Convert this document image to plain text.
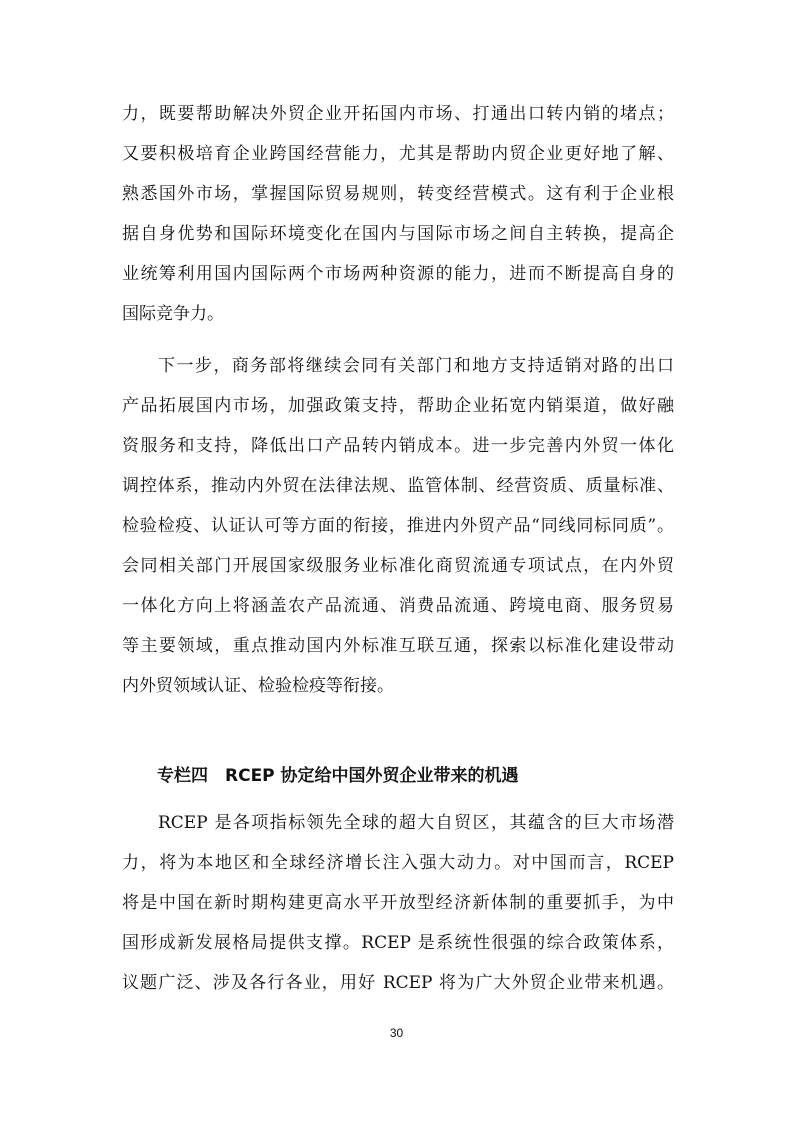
力，既要帮助解决外贸企业开拓国内市场、打通出口转内销的堵点；
又要积极培育企业跨国经营能力，尤其是帮助内贸企业更好地了解、
熟悉国外市场，掌握国际贸易规则，转变经营模式。这有利于企业根
据自身优势和国际环境变化在国内与国际市场之间自主转换，提高企
业统筹利用国内国际两个市场两种资源的能力，进而不断提高自身的
国际竞争力。
下一步，商务部将继续会同有关部门和地方支持适销对路的出口
产品拓展国内市场，加强政策支持，帮助企业拓宽内销渠道，做好融
资服务和支持，降低出口产品转内销成本。进一步完善内外贸一体化
调控体系，推动内外贸在法律法规、监管体制、经营资质、质量标准、
检验检疫、认证认可等方面的衔接，推进内外贸产品“同线同标同质”。
会同相关部门开展国家级服务业标准化商贸流通专项试点，在内外贸
一体化方向上将涵盖农产品流通、消费品流通、跨境电商、服务贸易
等主要领域，重点推动国内外标准互联互通，探索以标准化建设带动
内外贸领域认证、检验检疫等衔接。
专栏四　RCEP 协定给中国外贸企业带来的机遇
RCEP 是各项指标领先全球的超大自贸区，其蕴含的巨大市场潜
力，将为本地区和全球经济增长注入强大动力。对中国而言，RCEP
将是中国在新时期构建更高水平开放型经济新体制的重要抓手，为中
国形成新发展格局提供支撑。RCEP 是系统性很强的综合政策体系，
议题广泛、涉及各行各业，用好 RCEP 将为广大外贸企业带来机遇。
30
